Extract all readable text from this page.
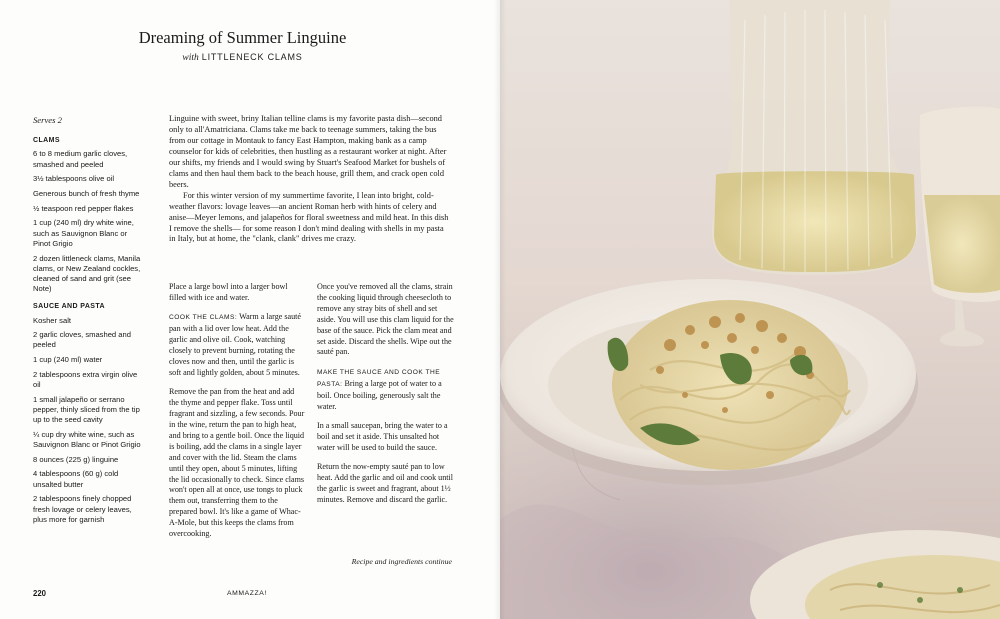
Dreaming of Summer Linguine
with LITTLENECK CLAMS
Serves 2
CLAMS
6 to 8 medium garlic cloves, smashed and peeled
3½ tablespoons olive oil
Generous bunch of fresh thyme
½ teaspoon red pepper flakes
1 cup (240 ml) dry white wine, such as Sauvignon Blanc or Pinot Grigio
2 dozen littleneck clams, Manila clams, or New Zealand cockles, cleaned of sand and grit (see Note)
SAUCE AND PASTA
Kosher salt
2 garlic cloves, smashed and peeled
1 cup (240 ml) water
2 tablespoons extra virgin olive oil
1 small jalapeño or serrano pepper, thinly sliced from the tip up to the seed cavity
¼ cup dry white wine, such as Sauvignon Blanc or Pinot Grigio
8 ounces (225 g) linguine
4 tablespoons (60 g) cold unsalted butter
2 tablespoons finely chopped fresh lovage or celery leaves, plus more for garnish

Linguine with sweet, briny Italian telline clams is my favorite pasta dish—second only to all'Amatriciana. Clams take me back to teenage summers, taking the bus from our cottage in Montauk to fancy East Hampton, making bank as a camp counselor for kids of celebrities, then hustling as a restaurant worker at night. After our shifts, my friends and I would swing by Stuart's Seafood Market for bushels of clams and then haul them back to the beach house, grill them, and crack open cold beers.

For this winter version of my summertime favorite, I lean into bright, cold-weather flavors: lovage leaves—an ancient Roman herb with hints of celery and anise—Meyer lemons, and jalapeños for floral sweetness and mild heat. In this dish I remove the shells— for some reason I don't mind dealing with shells in my pasta in Italy, but at home, the "clank, clank" drives me crazy.

Place a large bowl into a larger bowl filled with ice and water.

COOK THE CLAMS: Warm a large sauté pan with a lid over low heat. Add the garlic and olive oil. Cook, watching closely to prevent burning, rotating the cloves now and then, until the garlic is soft and lightly golden, about 5 minutes.

Remove the pan from the heat and add the thyme and pepper flake. Toss until fragrant and sizzling, a few seconds. Pour in the wine, return the pan to high heat, and bring to a gentle boil. Once the liquid is boiling, add the clams in a single layer and cover with the lid. Steam the clams until they open, about 5 minutes, lifting the lid occasionally to check. Since clams won't open all at once, use tongs to pluck them out, transferring them to the prepared bowl. It's like a game of Whac-A-Mole, but this keeps the clams from overcooking.

Once you've removed all the clams, strain the cooking liquid through cheesecloth to remove any stray bits of shell and set aside. You will use this clam liquid for the base of the sauce. Pick the clam meat and set aside. Discard the shells. Wipe out the sauté pan.

MAKE THE SAUCE AND COOK THE PASTA: Bring a large pot of water to a boil. Once boiling, generously salt the water.

In a small saucepan, bring the water to a boil and set it aside. This unsalted hot water will be used to build the sauce.

Return the now-empty sauté pan to low heat. Add the garlic and oil and cook until the garlic is sweet and fragrant, about 1½ minutes. Remove and discard the garlic.

Recipe and ingredients continue
220	AMMAZZA!
